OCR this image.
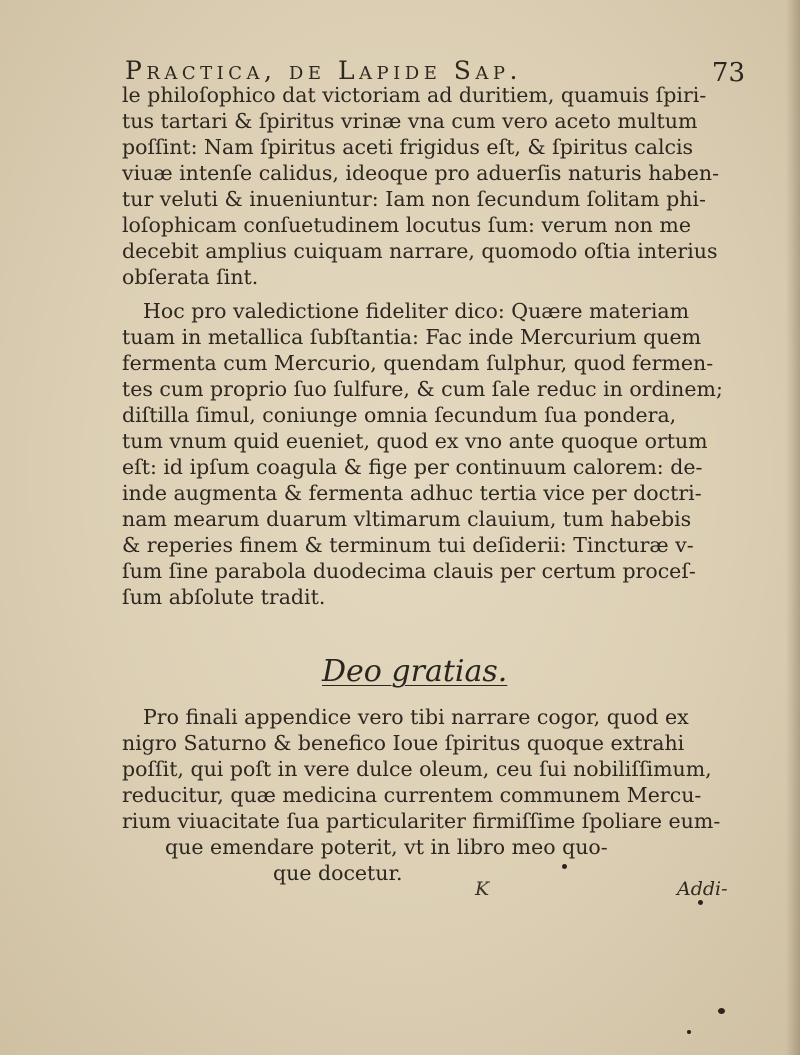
Practica, de Lapide Sap.	73
le philoſophico dat victoriam ad duritiem, quamuis ſpiri-
tus tartari & ſpiritus vrinæ vna cum vero aceto multum
poſſint: Nam ſpiritus aceti frigidus eſt, & ſpiritus calcis
viuæ intenſe calidus, ideoque pro aduerſis naturis haben-
tur veluti & inueniuntur: Iam non ſecundum ſolitam phi-
loſophicam conſuetudinem locutus ſum: verum non me
decebit amplius cuiquam narrare, quomodo oſtia interius
obſerata ſint.
Hoc pro valedictione fideliter dico: Quære materiam
tuam in metallica ſubſtantia: Fac inde Mercurium quem
fermenta cum Mercurio, quendam ſulphur, quod fermen-
tes cum proprio ſuo ſulfure, & cum ſale reduc in ordinem;
diſtilla ſimul, coniunge omnia ſecundum ſua pondera,
tum vnum quid eueniet, quod ex vno ante quoque ortum
eſt: id ipſum coagula & fige per continuum calorem: de-
inde augmenta & fermenta adhuc tertia vice per doctri-
nam mearum duarum vltimarum clauium, tum habebis
& reperies finem & terminum tui deſiderii: Tincturæ v-
ſum ſine parabola duodecima clauis per certum proceſ-
ſum abſolute tradit.
Deo gratias.
Pro finali appendice vero tibi narrare cogor, quod ex
nigro Saturno & benefico Ioue ſpiritus quoque extrahi
poſſit, qui poſt in vere dulce oleum, ceu ſui nobiliſſimum,
reducitur, quæ medicina currentem communem Mercu-
rium viuacitate ſua particulariter firmiſſime ſpoliare eum-
que emendare poterit, vt in libro meo quo-
que docetur.
K	Addi-
